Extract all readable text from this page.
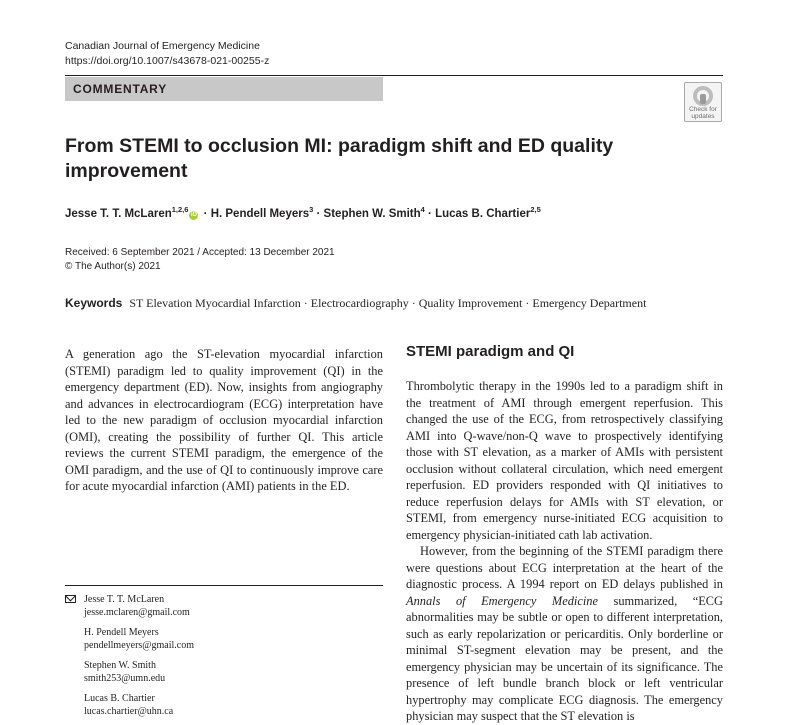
Canadian Journal of Emergency Medicine
https://doi.org/10.1007/s43678-021-00255-z
COMMENTARY
Check for
updates
From STEMI to occlusion MI: paradigm shift and ED quality improvement
Jesse T. T. McLaren$^{1,2,6}$iD · H. Pendell Meyers$^3$ · Stephen W. Smith$^4$ · Lucas B. Chartier$^{2,5}$
Received: 6 September 2021 / Accepted: 13 December 2021
© The Author(s) 2021
Keywords ST Elevation Myocardial Infarction · Electrocardiography · Quality Improvement · Emergency Department
A generation ago the ST-elevation myocardial infarction (STEMI) paradigm led to quality improvement (QI) in the emergency department (ED). Now, insights from angiography and advances in electrocardiogram (ECG) interpretation have led to the new paradigm of occlusion myocardial infarction (OMI), creating the possibility of further QI. This article reviews the current STEMI paradigm, the emergence of the OMI paradigm, and the use of QI to continuously improve care for acute myocardial infarction (AMI) patients in the ED.
Jesse T. T. McLaren
jesse.mclaren@gmail.com
H. Pendell Meyers
pendellmeyers@gmail.com
Stephen W. Smith
smith253@umn.edu
Lucas B. Chartier
lucas.chartier@uhn.ca
STEMI paradigm and QI

Thrombolytic therapy in the 1990s led to a paradigm shift in the treatment of AMI through emergent reperfusion. This changed the use of the ECG, from retrospectively classifying AMI into Q-wave/non-Q wave to prospectively identifying those with ST elevation, as a marker of AMIs with persistent occlusion without collateral circulation, which need emergent reperfusion. ED providers responded with QI initiatives to reduce reperfusion delays for AMIs with ST elevation, or STEMI, from emergency nurse-initiated ECG acquisition to emergency physician-initiated cath lab activation.

However, from the beginning of the STEMI paradigm there were questions about ECG interpretation at the heart of the diagnostic process. A 1994 report on ED delays published in Annals of Emergency Medicine summarized, “ECG abnormalities may be subtle or open to different interpretation, such as early repolarization or pericarditis. Only borderline or minimal ST-segment elevation may be present, and the emergency physician may be uncertain of its significance. The presence of left bundle branch block or left ventricular hypertrophy may complicate ECG diagnosis. The emergency physician may suspect that the ST elevation is
